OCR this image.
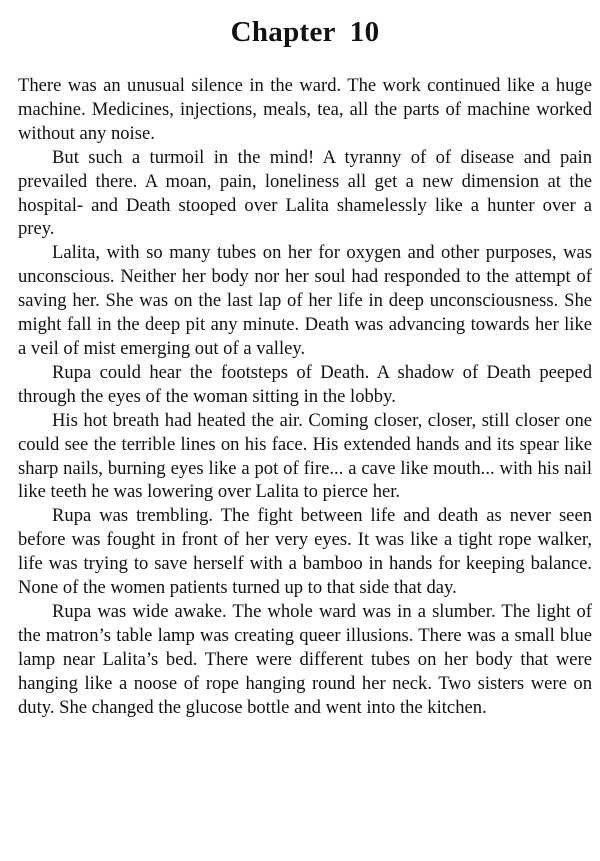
Chapter 10

There was an unusual silence in the ward. The work continued like a huge machine. Medicines, injections, meals, tea, all the parts of machine worked without any noise.

But such a turmoil in the mind! A tyranny of of disease and pain prevailed there. A moan, pain, loneliness all get a new dimension at the hospital- and Death stooped over Lalita shamelessly like a hunter over a prey.

Lalita, with so many tubes on her for oxygen and other purposes, was unconscious. Neither her body nor her soul had responded to the attempt of saving her. She was on the last lap of her life in deep unconsciousness. She might fall in the deep pit any minute. Death was advancing towards her like a veil of mist emerging out of a valley.

Rupa could hear the footsteps of Death. A shadow of Death peeped through the eyes of the woman sitting in the lobby.

His hot breath had heated the air. Coming closer, closer, still closer one could see the terrible lines on his face. His extended hands and its spear like sharp nails, burning eyes like a pot of fire... a cave like mouth... with his nail like teeth he was lowering over Lalita to pierce her.

Rupa was trembling. The fight between life and death as never seen before was fought in front of her very eyes. It was like a tight rope walker, life was trying to save herself with a bamboo in hands for keeping balance. None of the women patients turned up to that side that day.

Rupa was wide awake. The whole ward was in a slumber. The light of the matron’s table lamp was creating queer illusions. There was a small blue lamp near Lalita’s bed. There were different tubes on her body that were hanging like a noose of rope hanging round her neck. Two sisters were on duty. She changed the glucose bottle and went into the kitchen.
